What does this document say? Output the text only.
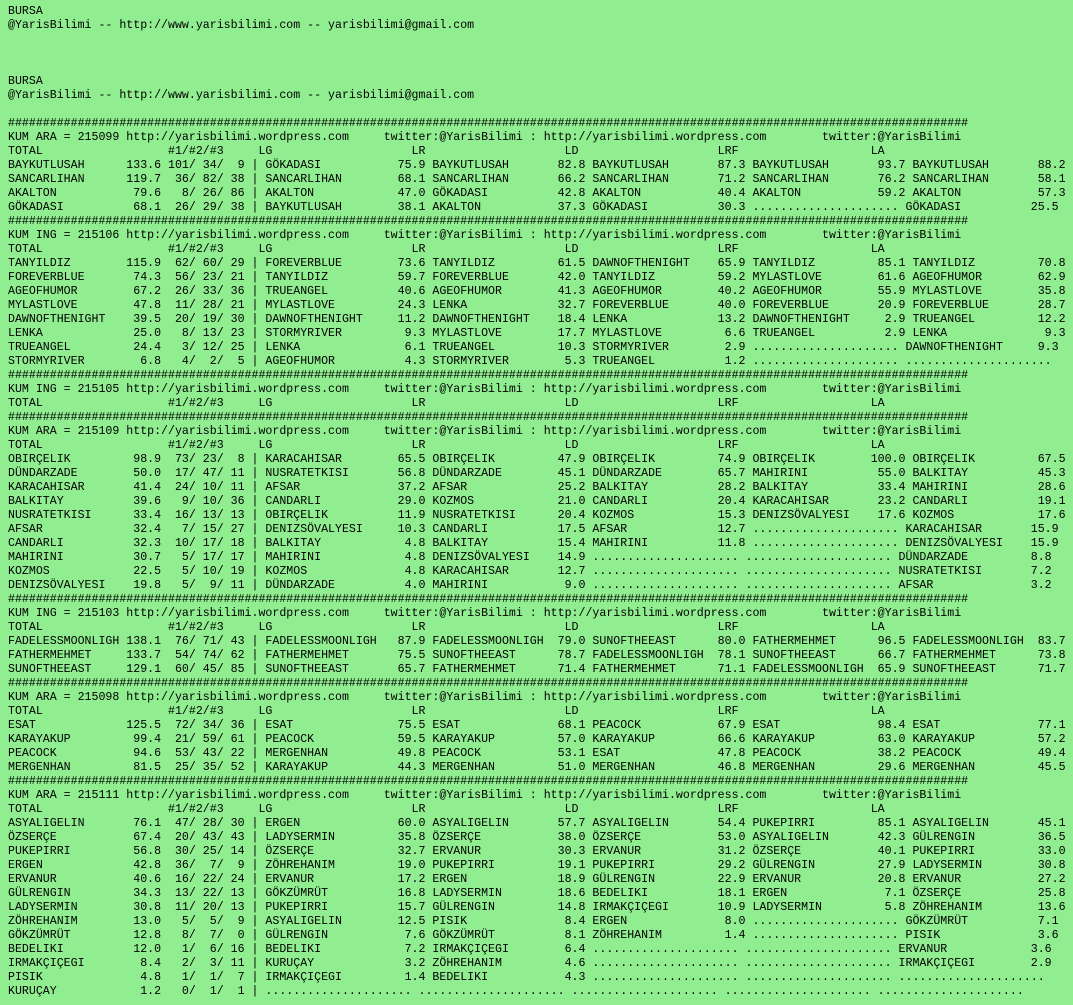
BURSA
@YarisBilimi -- http://www.yarisbilimi.com -- yarisbilimi@gmail.com
BURSA
@YarisBilimi -- http://www.yarisbilimi.com -- yarisbilimi@gmail.com
##########################################################################################################################################
KUM ARA = 215099 http://yarisbilimi.wordpress.com     twitter:@YarisBilimi : http://yarisbilimi.wordpress.com        twitter:@YarisBilimi
TOTAL                  #1/#2/#3     LG                    LR                    LD                    LRF                   LA
BAYKUTLUSAH      133.6 101/ 34/  9 | GÖKADASI           75.9 BAYKUTLUSAH       82.8 BAYKUTLUSAH       87.3 BAYKUTLUSAH       93.7 BAYKUTLUSAH       88.2
SANCARLIHAN      119.7  36/ 82/ 38 | SANCARLIHAN        68.1 SANCARLIHAN       66.2 SANCARLIHAN       71.2 SANCARLIHAN       76.2 SANCARLIHAN       58.1
AKALTON           79.6   8/ 26/ 86 | AKALTON            47.0 GÖKADASI          42.8 AKALTON           40.4 AKALTON           59.2 AKALTON           57.3
GÖKADASI          68.1  26/ 29/ 38 | BAYKUTLUSAH        38.1 AKALTON           37.3 GÖKADASI          30.3 ..................... GÖKADASI          25.5
##########################################################################################################################################
KUM ING = 215106 http://yarisbilimi.wordpress.com     twitter:@YarisBilimi : http://yarisbilimi.wordpress.com        twitter:@YarisBilimi
TOTAL                  #1/#2/#3     LG                    LR                    LD                    LRF                   LA
TANYILDIZ        115.9  62/ 60/ 29 | FOREVERBLUE        73.6 TANYILDIZ         61.5 DAWNOFTHENIGHT    65.9 TANYILDIZ         85.1 TANYILDIZ         70.8
FOREVERBLUE       74.3  56/ 23/ 21 | TANYILDIZ          59.7 FOREVERBLUE       42.0 TANYILDIZ         59.2 MYLASTLOVE        61.6 AGEOFHUMOR        62.9
AGEOFHUMOR        67.2  26/ 33/ 36 | TRUEANGEL          40.6 AGEOFHUMOR        41.3 AGEOFHUMOR        40.2 AGEOFHUMOR        55.9 MYLASTLOVE        35.8
MYLASTLOVE        47.8  11/ 28/ 21 | MYLASTLOVE         24.3 LENKA             32.7 FOREVERBLUE       40.0 FOREVERBLUE       20.9 FOREVERBLUE       28.7
DAWNOFTHENIGHT    39.5  20/ 19/ 30 | DAWNOFTHENIGHT     11.2 DAWNOFTHENIGHT    18.4 LENKA             13.2 DAWNOFTHENIGHT     2.9 TRUEANGEL         12.2
LENKA             25.0   8/ 13/ 23 | STORMYRIVER         9.3 MYLASTLOVE        17.7 MYLASTLOVE         6.6 TRUEANGEL          2.9 LENKA              9.3
TRUEANGEL         24.4   3/ 12/ 25 | LENKA               6.1 TRUEANGEL         10.3 STORMYRIVER        2.9 ..................... DAWNOFTHENIGHT     9.3
STORMYRIVER        6.8   4/  2/  5 | AGEOFHUMOR          4.3 STORMYRIVER        5.3 TRUEANGEL          1.2 ..................... .....................
##########################################################################################################################################
KUM ING = 215105 http://yarisbilimi.wordpress.com     twitter:@YarisBilimi : http://yarisbilimi.wordpress.com        twitter:@YarisBilimi
TOTAL                  #1/#2/#3     LG                    LR                    LD                    LRF                   LA
##########################################################################################################################################
KUM ARA = 215109 http://yarisbilimi.wordpress.com     twitter:@YarisBilimi : http://yarisbilimi.wordpress.com        twitter:@YarisBilimi
TOTAL                  #1/#2/#3     LG                    LR                    LD                    LRF                   LA
OBIRÇELIK         98.9  73/ 23/  8 | KARACAHISAR        65.5 OBIRÇELIK         47.9 OBIRÇELIK         74.9 OBIRÇELIK        100.0 OBIRÇELIK         67.5
DÜNDARZADE        50.0  17/ 47/ 11 | NUSRATETKISI       56.8 DÜNDARZADE        45.1 DÜNDARZADE        65.7 MAHIRINI          55.0 BALKITAY          45.3
KARACAHISAR       41.4  24/ 10/ 11 | AFSAR              37.2 AFSAR             25.2 BALKITAY          28.2 BALKITAY          33.4 MAHIRINI          28.6
BALKITAY          39.6   9/ 10/ 36 | CANDARLI           29.0 KOZMOS            21.0 CANDARLI          20.4 KARACAHISAR       23.2 CANDARLI          19.1
NUSRATETKISI      33.4  16/ 13/ 13 | OBIRÇELIK          11.9 NUSRATETKISI      20.4 KOZMOS            15.3 DENIZSÖVALYESI    17.6 KOZMOS            17.6
AFSAR             32.4   7/ 15/ 27 | DENIZSÖVALYESI     10.3 CANDARLI          17.5 AFSAR             12.7 ..................... KARACAHISAR       15.9
CANDARLI          32.3  10/ 17/ 18 | BALKITAY            4.8 BALKITAY          15.4 MAHIRINI          11.8 ..................... DENIZSÖVALYESI    15.9
MAHIRINI          30.7   5/ 17/ 17 | MAHIRINI            4.8 DENIZSÖVALYESI    14.9 ..................... ..................... DÜNDARZADE         8.8
KOZMOS            22.5   5/ 10/ 19 | KOZMOS              4.8 KARACAHISAR       12.7 ..................... ..................... NUSRATETKISI       7.2
DENIZSÖVALYESI    19.8   5/  9/ 11 | DÜNDARZADE          4.0 MAHIRINI           9.0 ..................... ..................... AFSAR              3.2
##########################################################################################################################################
KUM ING = 215103 http://yarisbilimi.wordpress.com     twitter:@YarisBilimi : http://yarisbilimi.wordpress.com        twitter:@YarisBilimi
TOTAL                  #1/#2/#3     LG                    LR                    LD                    LRF                   LA
FADELESSMOONLIGH 138.1  76/ 71/ 43 | FADELESSMOONLIGH   87.9 FADELESSMOONLIGH  79.0 SUNOFTHEEAST      80.0 FATHERMEHMET      96.5 FADELESSMOONLIGH  83.7
FATHERMEHMET     133.7  54/ 74/ 62 | FATHERMEHMET       75.5 SUNOFTHEEAST      78.7 FADELESSMOONLIGH  78.1 SUNOFTHEEAST      66.7 FATHERMEHMET      73.8
SUNOFTHEEAST     129.1  60/ 45/ 85 | SUNOFTHEEAST       65.7 FATHERMEHMET      71.4 FATHERMEHMET      71.1 FADELESSMOONLIGH  65.9 SUNOFTHEEAST      71.7
##########################################################################################################################################
KUM ARA = 215098 http://yarisbilimi.wordpress.com     twitter:@YarisBilimi : http://yarisbilimi.wordpress.com        twitter:@YarisBilimi
TOTAL                  #1/#2/#3     LG                    LR                    LD                    LRF                   LA
ESAT             125.5  72/ 34/ 36 | ESAT               75.5 ESAT              68.1 PEACOCK           67.9 ESAT              98.4 ESAT              77.1
KARAYAKUP         99.4  21/ 59/ 61 | PEACOCK            59.5 KARAYAKUP         57.0 KARAYAKUP         66.6 KARAYAKUP         63.0 KARAYAKUP         57.2
PEACOCK           94.6  53/ 43/ 22 | MERGENHAN          49.8 PEACOCK           53.1 ESAT              47.8 PEACOCK           38.2 PEACOCK           49.4
MERGENHAN         81.5  25/ 35/ 52 | KARAYAKUP          44.3 MERGENHAN         51.0 MERGENHAN         46.8 MERGENHAN         29.6 MERGENHAN         45.5
##########################################################################################################################################
KUM ARA = 215111 http://yarisbilimi.wordpress.com     twitter:@YarisBilimi : http://yarisbilimi.wordpress.com        twitter:@YarisBilimi
TOTAL                  #1/#2/#3     LG                    LR                    LD                    LRF                   LA
ASYALIGELIN       76.1  47/ 28/ 30 | ERGEN              60.0 ASYALIGELIN       57.7 ASYALIGELIN       54.4 PUKEPIRRI         85.1 ASYALIGELIN       45.1
ÖZSERÇE           67.4  20/ 43/ 43 | LADYSERMIN         35.8 ÖZSERÇE           38.0 ÖZSERÇE           53.0 ASYALIGELIN       42.3 GÜLRENGIN         36.5
PUKEPIRRI         56.8  30/ 25/ 14 | ÖZSERÇE            32.7 ERVANUR           30.3 ERVANUR           31.2 ÖZSERÇE           40.1 PUKEPIRRI         33.0
ERGEN             42.8  36/  7/  9 | ZÖHREHANIM         19.0 PUKEPIRRI         19.1 PUKEPIRRI         29.2 GÜLRENGIN         27.9 LADYSERMIN        30.8
ERVANUR           40.6  16/ 22/ 24 | ERVANUR            17.2 ERGEN             18.9 GÜLRENGIN         22.9 ERVANUR           20.8 ERVANUR           27.2
GÜLRENGIN         34.3  13/ 22/ 13 | GÖKZÜMRÜT          16.8 LADYSERMIN        18.6 BEDELIKI          18.1 ERGEN              7.1 ÖZSERÇE           25.8
LADYSERMIN        30.8  11/ 20/ 13 | PUKEPIRRI          15.7 GÜLRENGIN         14.8 IRMAKÇIÇEGI       10.9 LADYSERMIN         5.8 ZÖHREHANIM        13.6
ZÖHREHANIM        13.0   5/  5/  9 | ASYALIGELIN        12.5 PISIK              8.4 ERGEN              8.0 ..................... GÖKZÜMRÜT          7.1
GÖKZÜMRÜT         12.8   8/  7/  0 | GÜLRENGIN           7.6 GÖKZÜMRÜT          8.1 ZÖHREHANIM         1.4 ..................... PISIK              3.6
BEDELIKI          12.0   1/  6/ 16 | BEDELIKI            7.2 IRMAKÇIÇEGI        6.4 ..................... ..................... ERVANUR            3.6
IRMAKÇIÇEGI        8.4   2/  3/ 11 | KURUÇAY             3.2 ZÖHREHANIM         4.6 ..................... ..................... IRMAKÇIÇEGI        2.9
PISIK              4.8   1/  1/  7 | IRMAKÇIÇEGI         1.4 BEDELIKI           4.3 ..................... ..................... .....................
KURUÇAY            1.2   0/  1/  1 | ..................... ..................... ..................... ..................... .....................
